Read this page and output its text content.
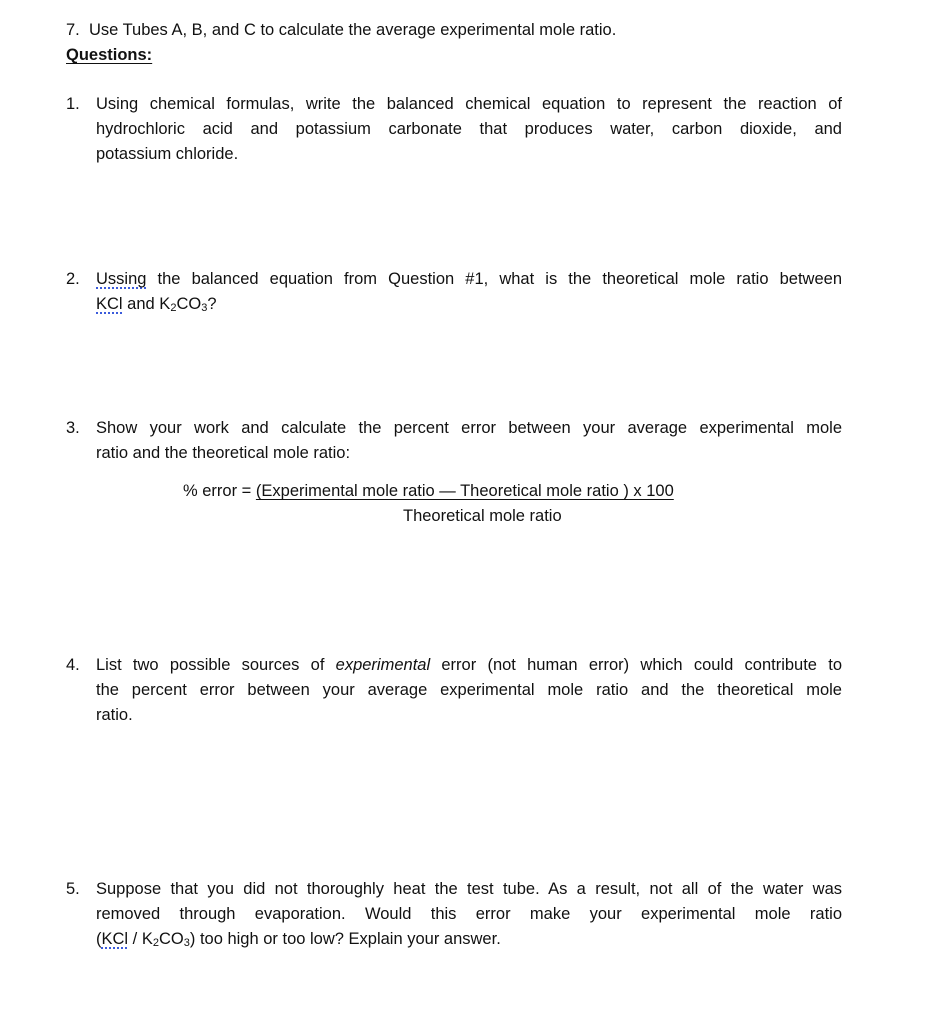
7. Use Tubes A, B, and C to calculate the average experimental mole ratio.
Questions:
1. Using chemical formulas, write the balanced chemical equation to represent the reaction of
hydrochloric acid and potassium carbonate that produces water, carbon dioxide, and
potassium chloride.
2. Ussing the balanced equation from Question #1, what is the theoretical mole ratio between
KCl and $K_2CO_3$?
3. Show your work and calculate the percent error between your average experimental mole
ratio and the theoretical mole ratio:
% error = (Experimental mole ratio — Theoretical mole ratio ) x 100
Theoretical mole ratio
4. List two possible sources of experimental error (not human error) which could contribute to
the percent error between your average experimental mole ratio and the theoretical mole
ratio.
5. Suppose that you did not thoroughly heat the test tube. As a result, not all of the water was
removed through evaporation. Would this error make your experimental mole ratio
$(KCl / K_2CO_3)$ too high or too low? Explain your answer.
